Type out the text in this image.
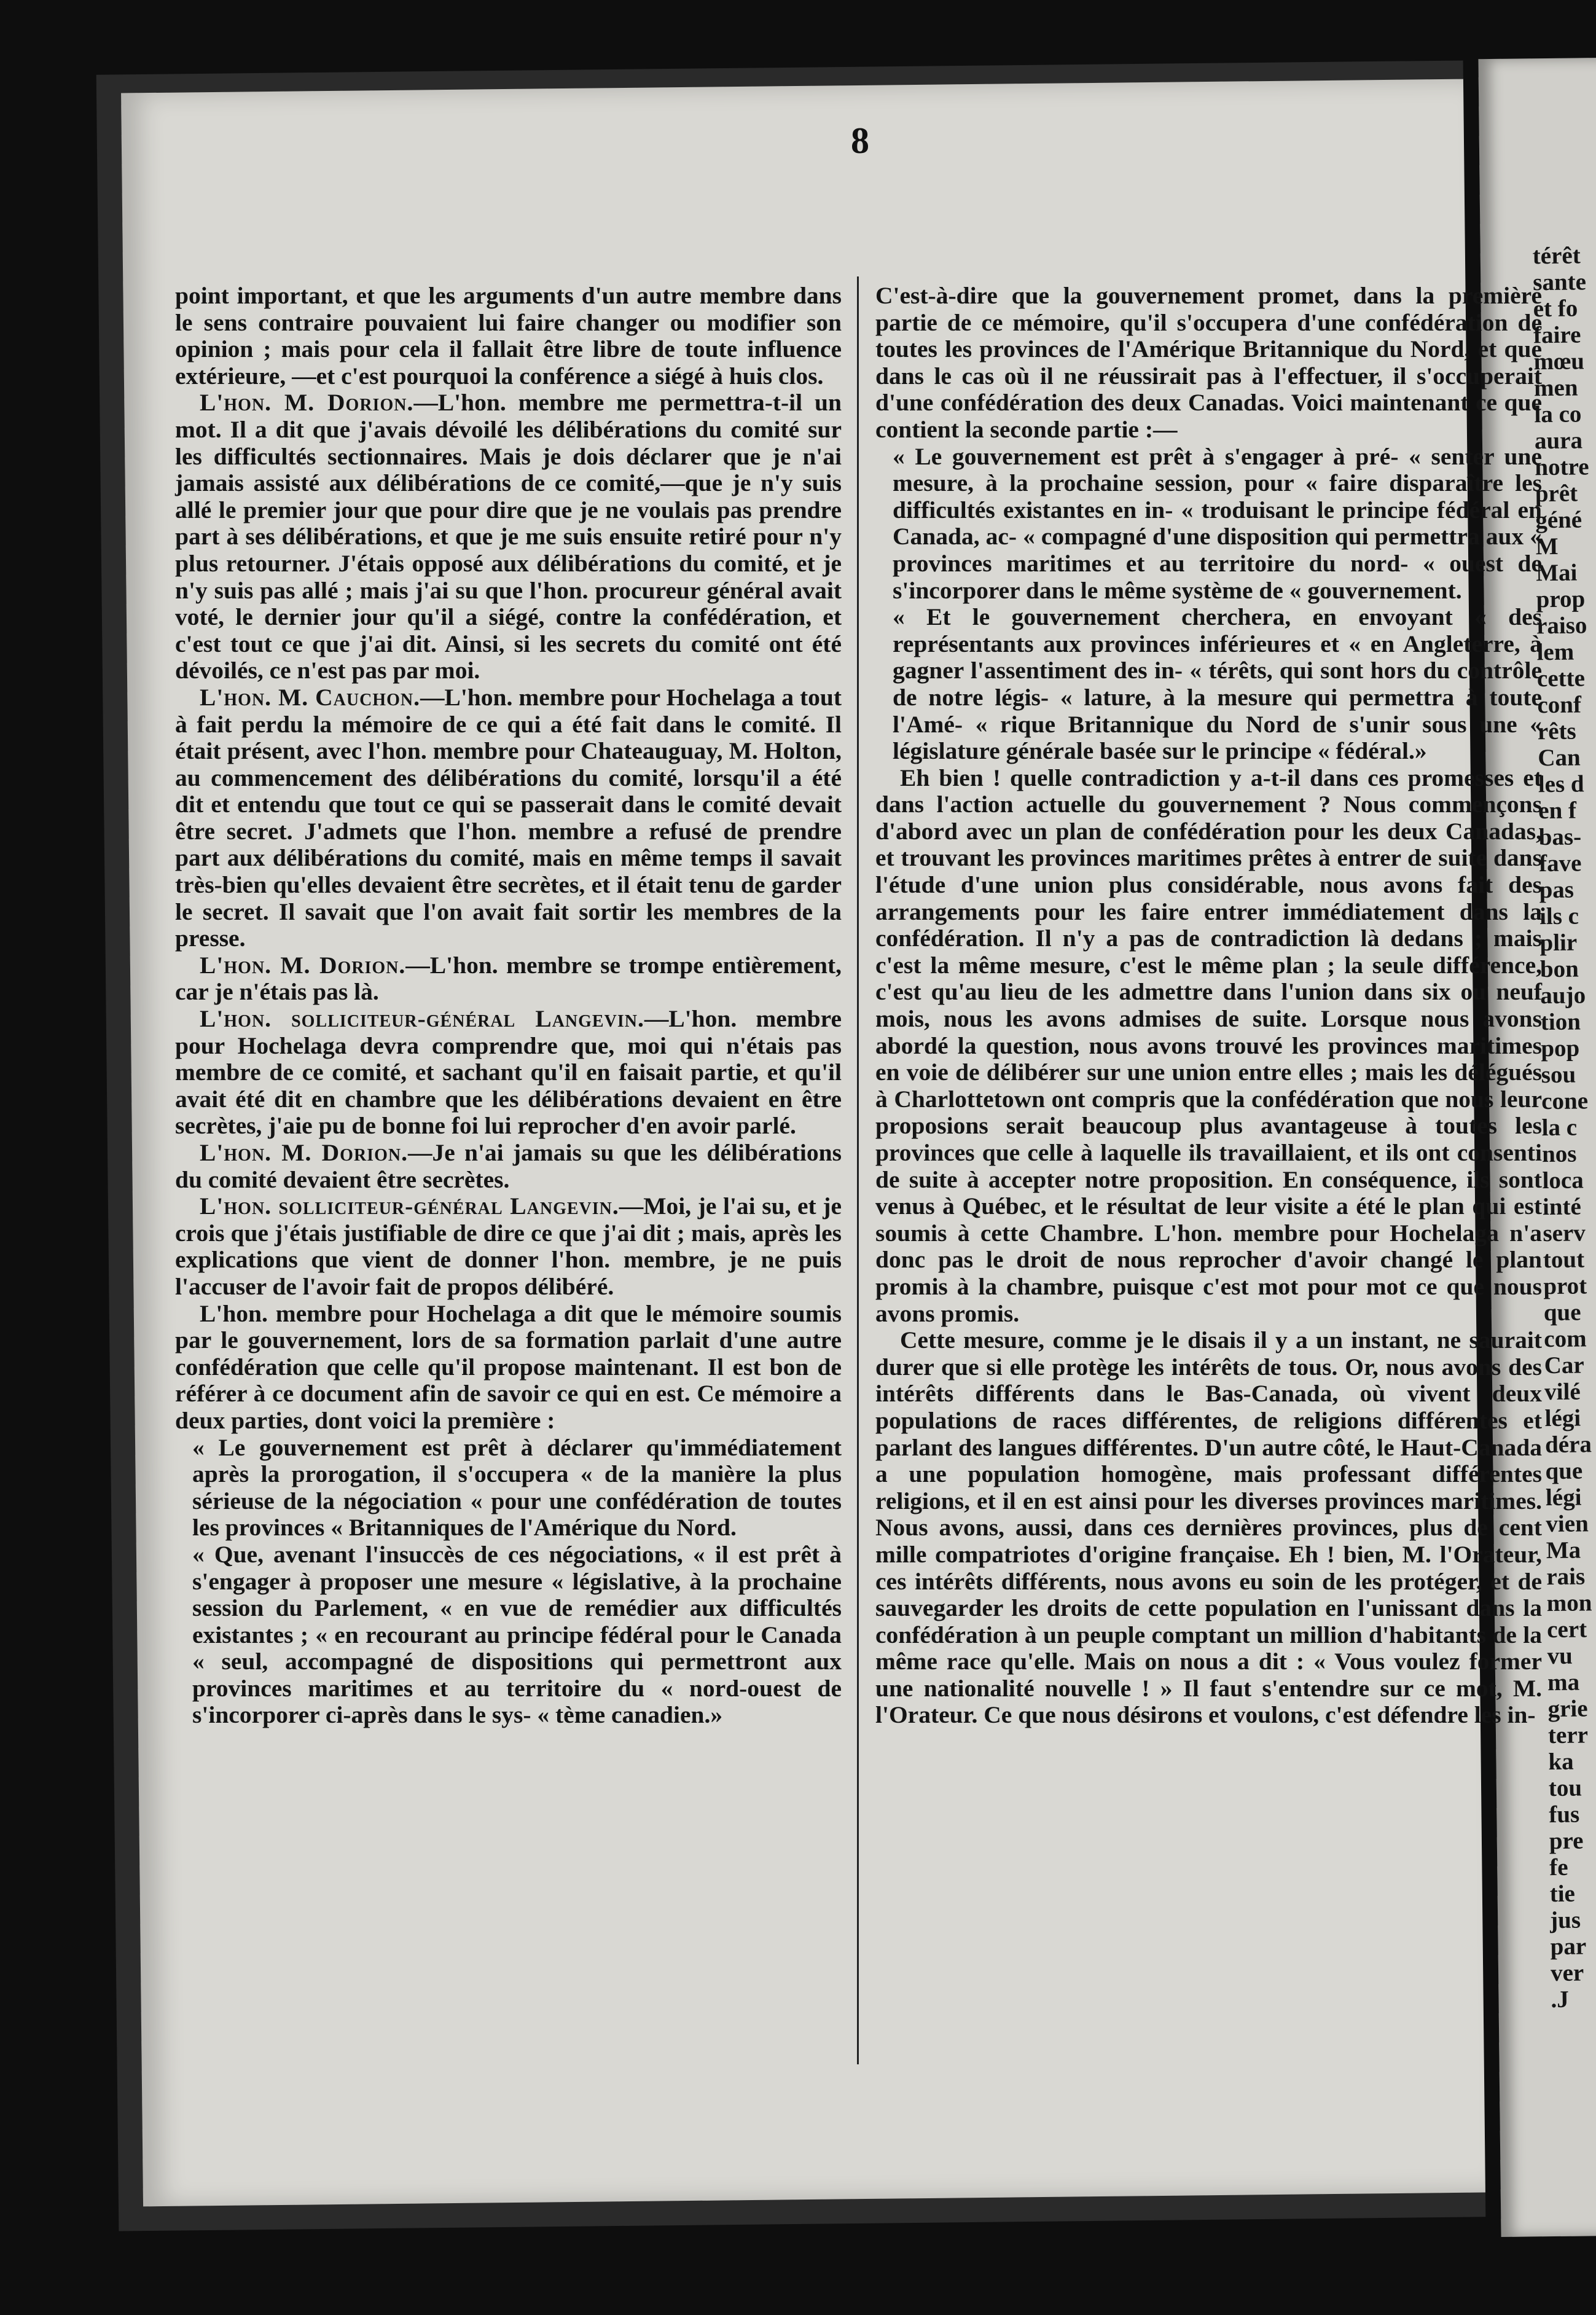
térêt
sante
et fo
faire
mœu
men
la co
aura
notre
prêt
géné
M
Mai
prop
raiso
lem
cette
conf
rêts
Can
les d
en f
bas-
fave
pas
ils c
plir
bon
aujo
tion
pop
sou
cone
la c
nos
loca
inté
serv
tout
prot
que
com
Car
vilé
légi
déra
que
légi
vien
Ma
rais
mon
cert
vu
ma
grie
terr
ka
tou
fus
pre
fe
tie
jus
par
ver
.J
8

point important, et que les arguments d'un autre membre dans le sens contraire pouvaient lui faire changer ou modifier son opinion ; mais pour cela il fallait être libre de toute influence extérieure, —et c'est pourquoi la conférence a siégé à huis clos.

L'hon. M. Dorion.—L'hon. membre me permettra-t-il un mot. Il a dit que j'avais dévoilé les délibérations du comité sur les difficultés sectionnaires. Mais je dois déclarer que je n'ai jamais assisté aux délibérations de ce comité,—que je n'y suis allé le premier jour que pour dire que je ne voulais pas prendre part à ses délibérations, et que je me suis ensuite retiré pour n'y plus retourner. J'étais opposé aux délibérations du comité, et je n'y suis pas allé ; mais j'ai su que l'hon. procureur général avait voté, le dernier jour qu'il a siégé, contre la confédération, et c'est tout ce que j'ai dit. Ainsi, si les secrets du comité ont été dévoilés, ce n'est pas par moi.

L'hon. M. Cauchon.—L'hon. membre pour Hochelaga a tout à fait perdu la mémoire de ce qui a été fait dans le comité. Il était présent, avec l'hon. membre pour Chateauguay, M. Holton, au commencement des délibérations du comité, lorsqu'il a été dit et entendu que tout ce qui se passerait dans le comité devait être secret. J'admets que l'hon. membre a refusé de prendre part aux délibérations du comité, mais en même temps il savait très-bien qu'elles devaient être secrètes, et il était tenu de garder le secret. Il savait que l'on avait fait sortir les membres de la presse.

L'hon. M. Dorion.—L'hon. membre se trompe entièrement, car je n'étais pas là.

L'hon. solliciteur-général Langevin.—L'hon. membre pour Hochelaga devra comprendre que, moi qui n'étais pas membre de ce comité, et sachant qu'il en faisait partie, et qu'il avait été dit en chambre que les délibérations devaient en être secrètes, j'aie pu de bonne foi lui reprocher d'en avoir parlé.

L'hon. M. Dorion.—Je n'ai jamais su que les délibérations du comité devaient être secrètes.

L'hon. solliciteur-général Langevin.—Moi, je l'ai su, et je crois que j'étais justifiable de dire ce que j'ai dit ; mais, après les explications que vient de donner l'hon. membre, je ne puis l'accuser de l'avoir fait de propos délibéré.

L'hon. membre pour Hochelaga a dit que le mémoire soumis par le gouvernement, lors de sa formation parlait d'une autre confédération que celle qu'il propose maintenant. Il est bon de référer à ce document afin de savoir ce qui en est. Ce mémoire a deux parties, dont voici la première :

« Le gouvernement est prêt à déclarer qu'immédiatement après la prorogation, il s'occupera « de la manière la plus sérieuse de la négociation « pour une confédération de toutes les provinces « Britanniques de l'Amérique du Nord.

« Que, avenant l'insuccès de ces négociations, « il est prêt à s'engager à proposer une mesure « législative, à la prochaine session du Parlement, « en vue de remédier aux difficultés existantes ; « en recourant au principe fédéral pour le Canada « seul, accompagné de dispositions qui permettront aux provinces maritimes et au territoire du « nord-ouest de s'incorporer ci-après dans le sys- « tème canadien.»

C'est-à-dire que la gouvernement promet, dans la première partie de ce mémoire, qu'il s'occupera d'une confédération de toutes les provinces de l'Amérique Britannique du Nord, et que dans le cas où il ne réussirait pas à l'effectuer, il s'occuperait d'une confédération des deux Canadas. Voici maintenant ce que contient la seconde partie :—

« Le gouvernement est prêt à s'engager à pré- « senter une mesure, à la prochaine session, pour « faire disparaître les difficultés existantes en in- « troduisant le principe fédéral en Canada, ac- « compagné d'une disposition qui permettra aux « provinces maritimes et au territoire du nord- « ouest de s'incorporer dans le même système de « gouvernement.

« Et le gouvernement cherchera, en envoyant « des représentants aux provinces inférieures et « en Angleterre, à gagner l'assentiment des in- « térêts, qui sont hors du contrôle de notre légis- « lature, à la mesure qui permettra à toute l'Amé- « rique Britannique du Nord de s'unir sous une « législature générale basée sur le principe « fédéral.»

Eh bien ! quelle contradiction y a-t-il dans ces promesses et dans l'action actuelle du gouvernement ? Nous commençons d'abord avec un plan de confédération pour les deux Canadas, et trouvant les provinces maritimes prêtes à entrer de suite dans l'étude d'une union plus considérable, nous avons fait des arrangements pour les faire entrer immédiatement dans la confédération. Il n'y a pas de contradiction là dedans ; mais c'est la même mesure, c'est le même plan ; la seule différence, c'est qu'au lieu de les admettre dans l'union dans six ou neuf mois, nous les avons admises de suite. Lorsque nous avons abordé la question, nous avons trouvé les provinces maritimes en voie de délibérer sur une union entre elles ; mais les délégués à Charlottetown ont compris que la confédération que nous leur proposions serait beaucoup plus avantageuse à toutes les provinces que celle à laquelle ils travaillaient, et ils ont consenti de suite à accepter notre proposition. En conséquence, ils sont venus à Québec, et le résultat de leur visite a été le plan qui est soumis à cette Chambre. L'hon. membre pour Hochelaga n'a donc pas le droit de nous reprocher d'avoir changé le plan promis à la chambre, puisque c'est mot pour mot ce que nous avons promis.

Cette mesure, comme je le disais il y a un instant, ne saurait durer que si elle protège les intérêts de tous. Or, nous avons des intérêts différents dans le Bas-Canada, où vivent deux populations de races différentes, de religions différentes et parlant des langues différentes. D'un autre côté, le Haut-Canada a une population homogène, mais professant différentes religions, et il en est ainsi pour les diverses provinces maritimes. Nous avons, aussi, dans ces dernières provinces, plus de cent mille compatriotes d'origine française. Eh ! bien, M. l'Orateur, ces intérêts différents, nous avons eu soin de les protéger, et de sauvegarder les droits de cette population en l'unissant dans la confédération à un peuple comptant un million d'habitants de la même race qu'elle. Mais on nous a dit : « Vous voulez former une nationalité nouvelle ! » Il faut s'entendre sur ce mot, M. l'Orateur. Ce que nous désirons et voulons, c'est défendre les in-
